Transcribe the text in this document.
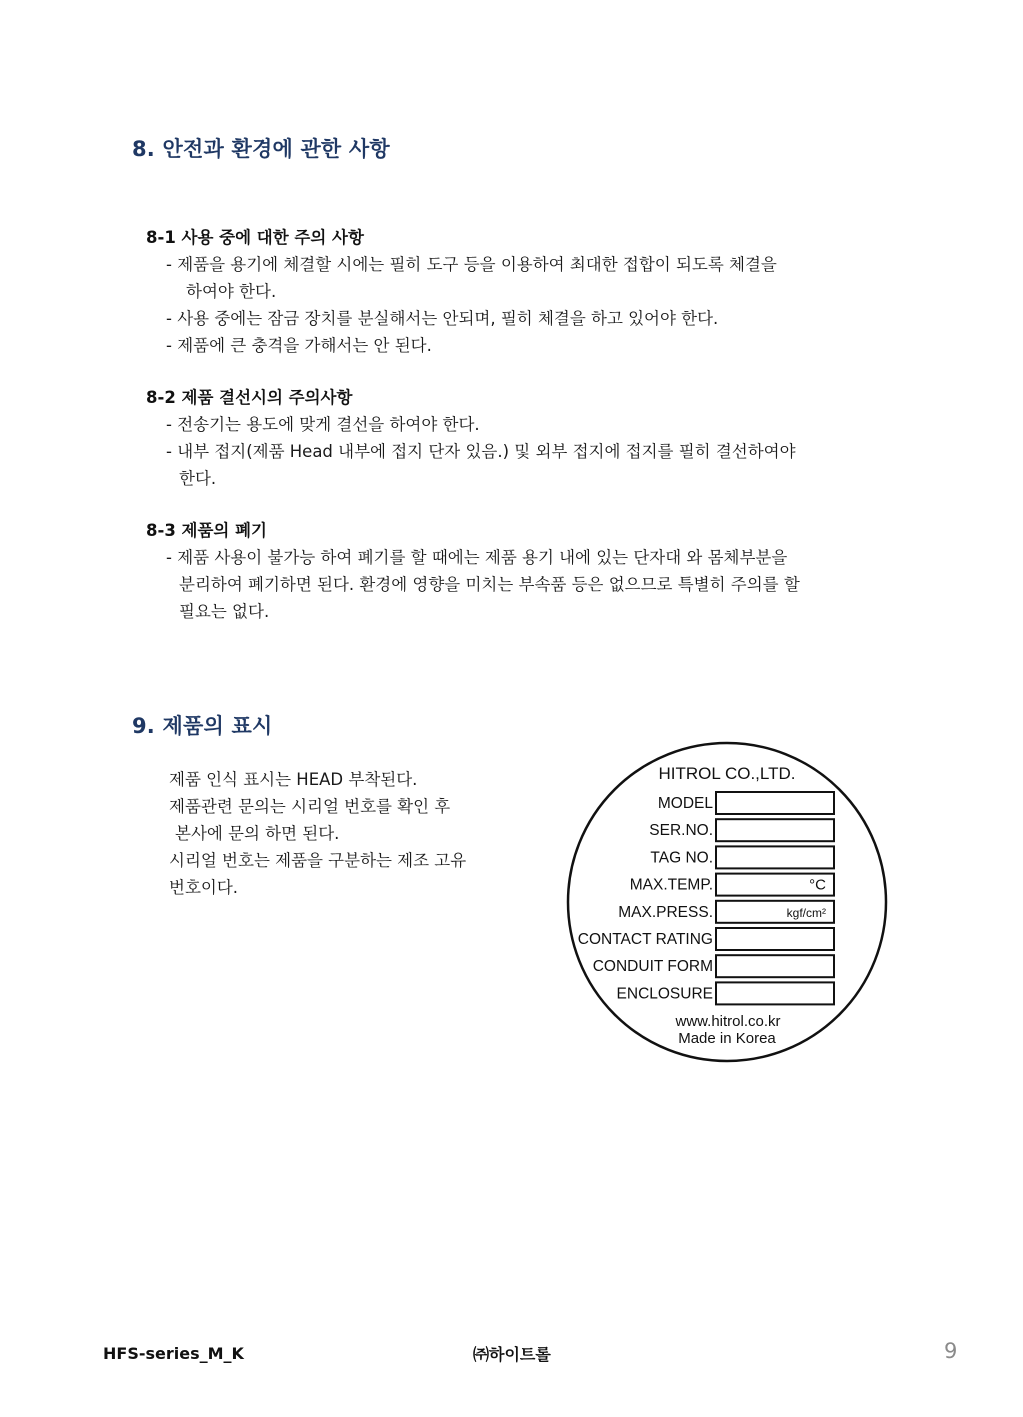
8. 안전과 환경에 관한 사항
8-1 사용 중에 대한 주의 사항
- 제품을 용기에 체결할 시에는 필히 도구 등을 이용하여 최대한 접합이 되도록 체결을
하여야 한다.
- 사용 중에는 잠금 장치를 분실해서는 안되며, 필히 체결을 하고 있어야 한다.
- 제품에 큰 충격을 가해서는 안 된다.
8-2 제품 결선시의 주의사항
- 전송기는 용도에 맞게 결선을 하여야 한다.
- 내부 접지(제품 Head 내부에 접지 단자 있음.) 및 외부 접지에 접지를 필히 결선하여야
한다.
8-3 제품의 폐기
- 제품 사용이 불가능 하여 폐기를 할 때에는 제품 용기 내에 있는 단자대 와 몸체부분을
분리하여 폐기하면 된다. 환경에 영향을 미치는 부속품 등은 없으므로 특별히 주의를 할
필요는 없다.
9. 제품의 표시
제품 인식 표시는 HEAD 부착된다.
제품관련 문의는 시리얼 번호를 확인 후
본사에 문의 하면 된다.
시리얼 번호는 제품을 구분하는 제조 고유
번호이다.
HITROL CO.,LTD.
MODEL
SER.NO.
TAG NO.
MAX.TEMP.	°C
MAX.PRESS.	kgf/cm²
CONTACT RATING
CONDUIT FORM
ENCLOSURE
www.hitrol.co.kr
Made in Korea
HFS-series_M_K	㈜하이트롤	9
